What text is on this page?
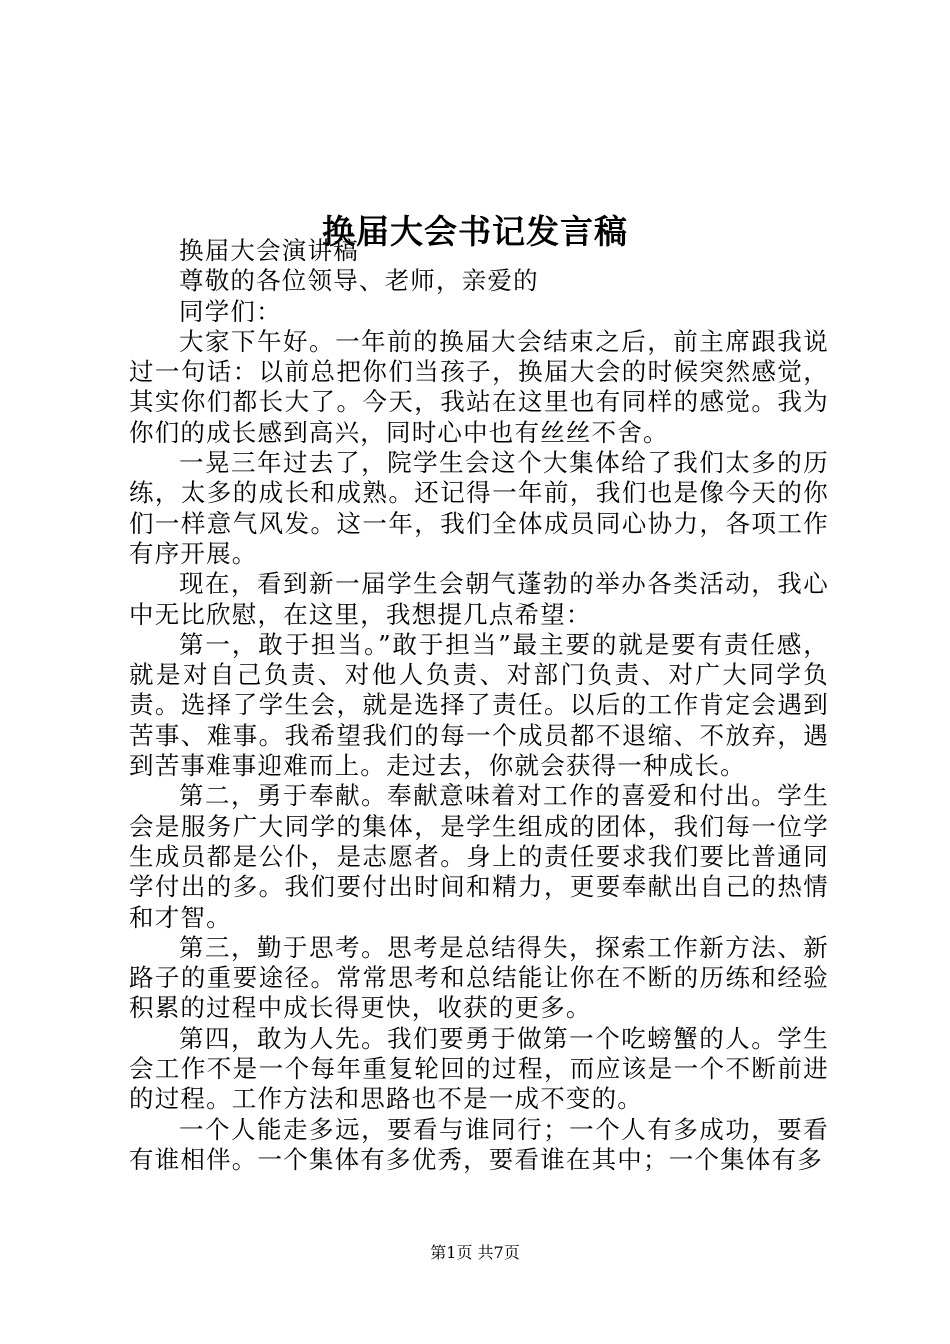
换届大会书记发言稿

换届大会演讲稿

尊敬的各位领导、老师，亲爱的

同学们：

大家下午好。一年前的换届大会结束之后，前主席跟我说过一句话：以前总把你们当孩子，换届大会的时候突然感觉，其实你们都长大了。今天，我站在这里也有同样的感觉。我为你们的成长感到高兴，同时心中也有丝丝不舍。

一晃三年过去了，院学生会这个大集体给了我们太多的历练，太多的成长和成熟。还记得一年前，我们也是像今天的你们一样意气风发。这一年，我们全体成员同心协力，各项工作有序开展。

现在，看到新一届学生会朝气蓬勃的举办各类活动，我心中无比欣慰，在这里，我想提几点希望：

第一，敢于担当。”敢于担当”最主要的就是要有责任感，就是对自己负责、对他人负责、对部门负责、对广大同学负责。选择了学生会，就是选择了责任。以后的工作肯定会遇到苦事、难事。我希望我们的每一个成员都不退缩、不放弃，遇到苦事难事迎难而上。走过去，你就会获得一种成长。

第二，勇于奉献。奉献意味着对工作的喜爱和付出。学生会是服务广大同学的集体，是学生组成的团体，我们每一位学生成员都是公仆，是志愿者。身上的责任要求我们要比普通同学付出的多。我们要付出时间和精力，更要奉献出自己的热情和才智。

第三，勤于思考。思考是总结得失，探索工作新方法、新路子的重要途径。常常思考和总结能让你在不断的历练和经验积累的过程中成长得更快，收获的更多。

第四，敢为人先。我们要勇于做第一个吃螃蟹的人。学生会工作不是一个每年重复轮回的过程，而应该是一个不断前进的过程。工作方法和思路也不是一成不变的。

一个人能走多远，要看与谁同行；一个人有多成功，要看有谁相伴。一个集体有多优秀，要看谁在其中；一个集体有多

第1页 共7页
